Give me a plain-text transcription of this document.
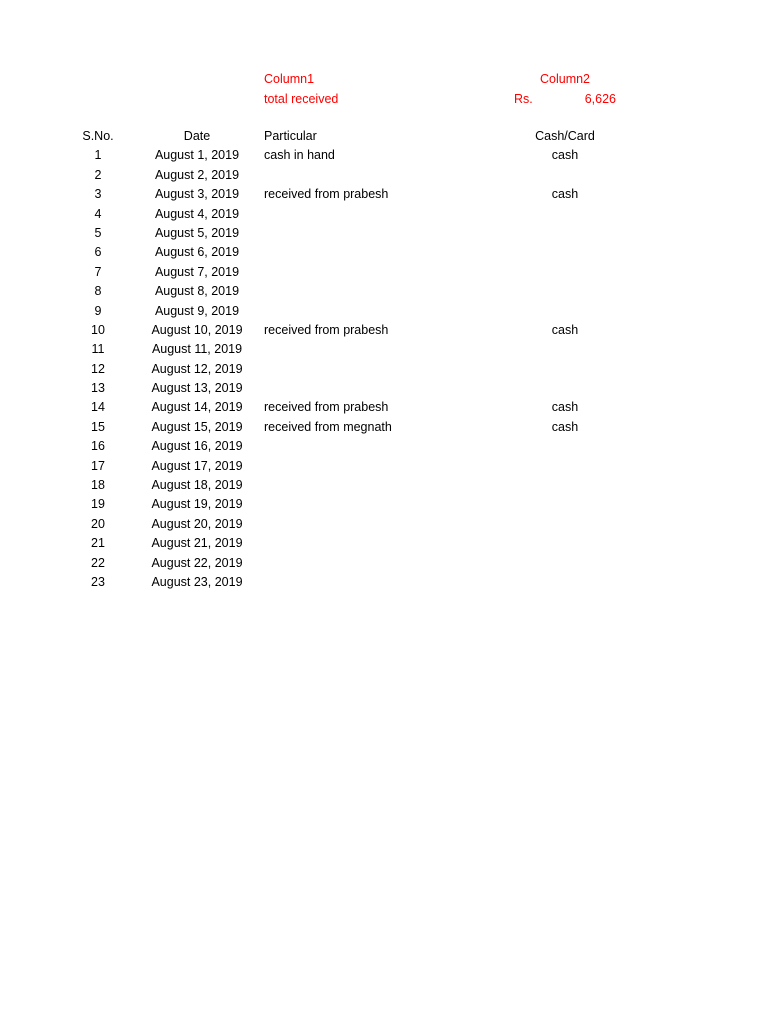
Column1	Column2
total received	Rs.	6,626
S.No.	Date	Particular	Cash/Card
1	August 1, 2019	cash in hand	cash
2	August 2, 2019
3	August 3, 2019	received from prabesh	cash
4	August 4, 2019
5	August 5, 2019
6	August 6, 2019
7	August 7, 2019
8	August 8, 2019
9	August 9, 2019
10	August 10, 2019	received from prabesh	cash
11	August 11, 2019
12	August 12, 2019
13	August 13, 2019
14	August 14, 2019	received from prabesh	cash
15	August 15, 2019	received from megnath	cash
16	August 16, 2019
17	August 17, 2019
18	August 18, 2019
19	August 19, 2019
20	August 20, 2019
21	August 21, 2019
22	August 22, 2019
23	August 23, 2019
